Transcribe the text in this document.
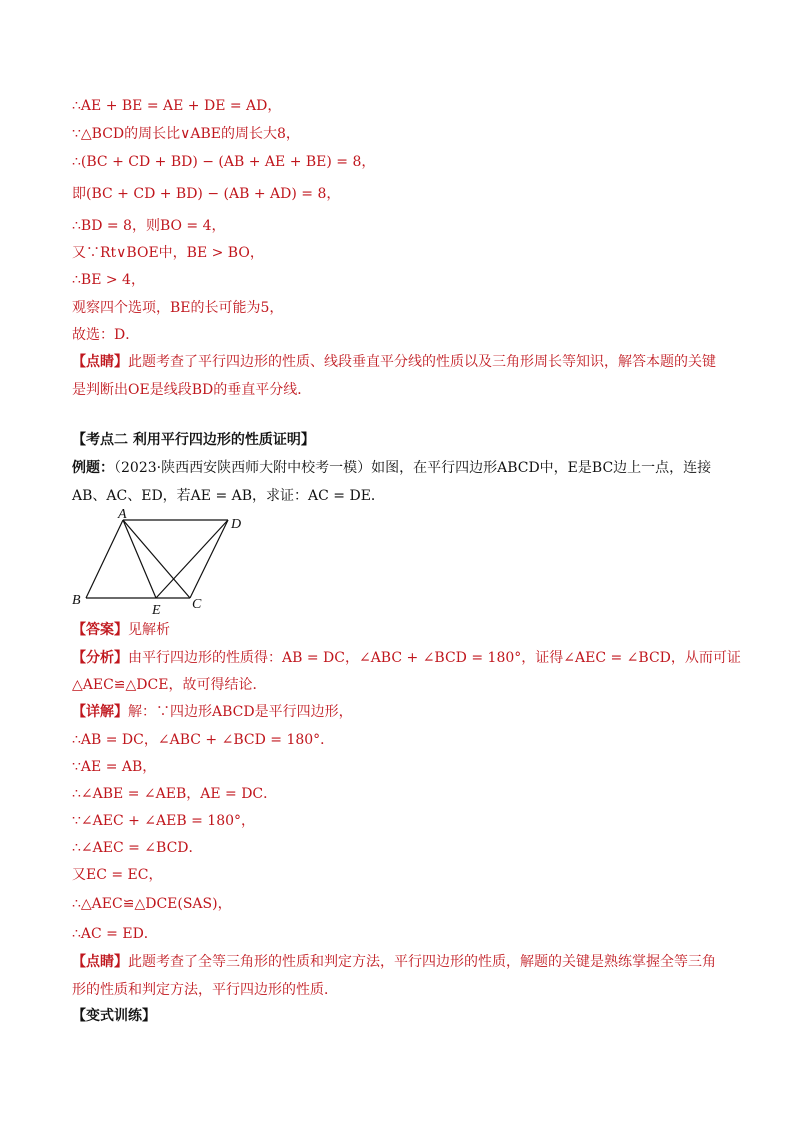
∴AE + BE = AE + DE = AD，
∵△BCD的周长比∨ABE的周长大8，
∴(BC + CD + BD) − (AB + AE + BE) = 8，
即(BC + CD + BD) − (AB + AD) = 8，
∴BD = 8，则BO = 4，
又∵Rt∨BOE中，BE > BO，
∴BE > 4，
观察四个选项，BE的长可能为5，
故选：D．
【点睛】此题考查了平行四边形的性质、线段垂直平分线的性质以及三角形周长等知识，解答本题的关键
是判断出OE是线段BD的垂直平分线．
【考点二 利用平行四边形的性质证明】
例题：（2023·陕西西安陕西师大附中校考一模）如图，在平行四边形ABCD中，E是BC边上一点，连接
AB、AC、ED，若AE = AB，求证：AC = DE．
A
D
B
E C
【答案】见解析
【分析】由平行四边形的性质得：AB = DC，∠ABC + ∠BCD = 180°，证得∠AEC = ∠BCD，从而可证
△AEC≌△DCE，故可得结论．
【详解】解：∵四边形ABCD是平行四边形，
∴AB = DC，∠ABC + ∠BCD = 180°．
∵AE = AB，
∴∠ABE = ∠AEB，AE = DC．
∵∠AEC + ∠AEB = 180°，
∴∠AEC = ∠BCD．
又EC = EC，
∴△AEC≌△DCE(SAS)，
∴AC = ED．
【点睛】此题考查了全等三角形的性质和判定方法，平行四边形的性质，解题的关键是熟练掌握全等三角
形的性质和判定方法，平行四边形的性质．
【变式训练】
